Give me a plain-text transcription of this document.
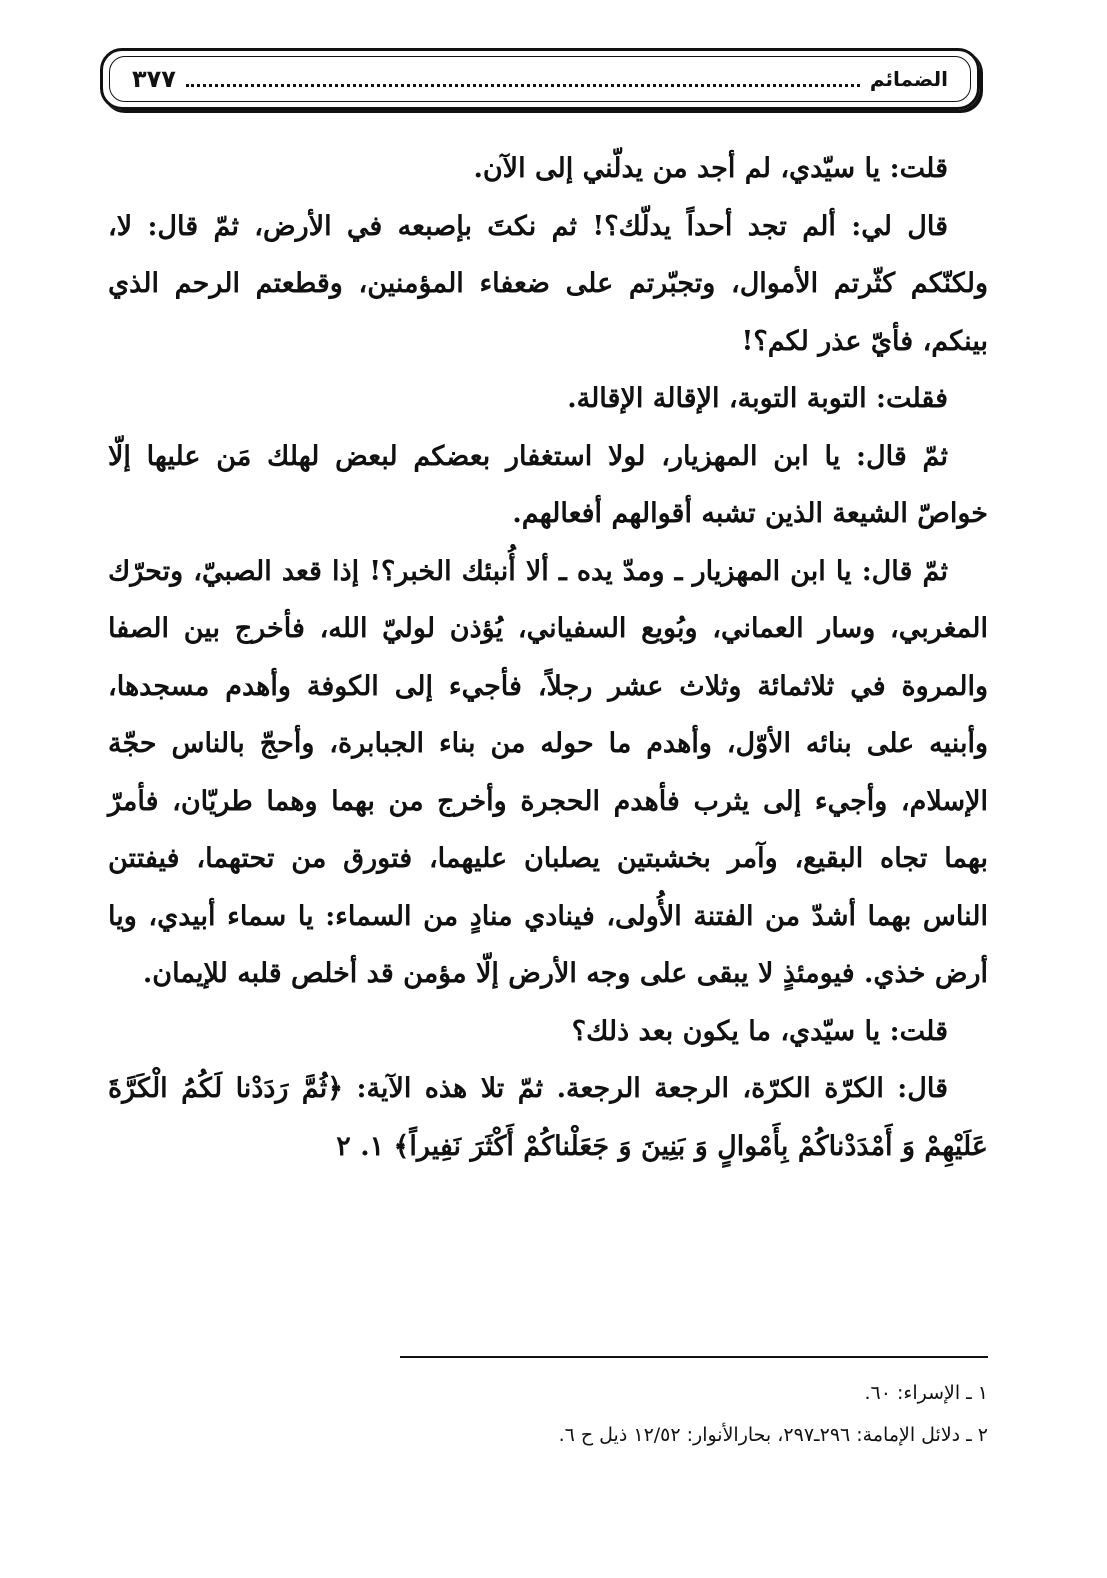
الضمائم
٣٧٧

قلت: يا سيّدي، لم أجد من يدلّني إلى الآن.

قال لي: ألم تجد أحداً يدلّك؟! ثم نكتَ بإصبعه في الأرض، ثمّ قال: لا، ولكنّكم كثّرتم الأموال، وتجبّرتم على ضعفاء المؤمنين، وقطعتم الرحم الذي بينكم، فأيّ عذر لكم؟!

فقلت: التوبة التوبة، الإقالة الإقالة.

ثمّ قال: يا ابن المهزيار، لولا استغفار بعضكم لبعض لهلك مَن عليها إلّا خواصّ الشيعة الذين تشبه أقوالهم أفعالهم.

ثمّ قال: يا ابن المهزيار ـ ومدّ يده ـ ألا أُنبئك الخبر؟! إذا قعد الصبيّ، وتحرّك المغربي، وسار العماني، وبُويع السفياني، يُؤذن لوليّ الله، فأخرج بين الصفا والمروة في ثلاثمائة وثلاث عشر رجلاً، فأجيء إلى الكوفة وأهدم مسجدها، وأبنيه على بنائه الأوّل، وأهدم ما حوله من بناء الجبابرة، وأحجّ بالناس حجّة الإسلام، وأجيء إلى يثرب فأهدم الحجرة وأخرج من بهما وهما طريّان، فأمرّ بهما تجاه البقيع، وآمر بخشبتين يصلبان عليهما، فتورق من تحتهما، فيفتتن الناس بهما أشدّ من الفتنة الأُولى، فينادي منادٍ من السماء: يا سماء أبيدي، ويا أرض خذي. فيومئذٍ لا يبقى على وجه الأرض إلّا مؤمن قد أخلص قلبه للإيمان.

قلت: يا سيّدي، ما يكون بعد ذلك؟

قال: الكرّة الكرّة، الرجعة الرجعة. ثمّ تلا هذه الآية: ﴿ثُمَّ رَدَدْنا لَكُمُ الْكَرَّةَ عَلَيْهِمْ وَ أَمْدَدْناكُمْ بِأَمْوالٍ وَ بَنِينَ وَ جَعَلْناكُمْ أَكْثَرَ نَفِيراً﴾ ١. ٢

١ ـ الإسراء: ٦٠.

٢ ـ دلائل الإمامة: ٢٩٦ـ٢٩٧، بحارالأنوار: ١٢/٥٢ ذيل ح ٦.
